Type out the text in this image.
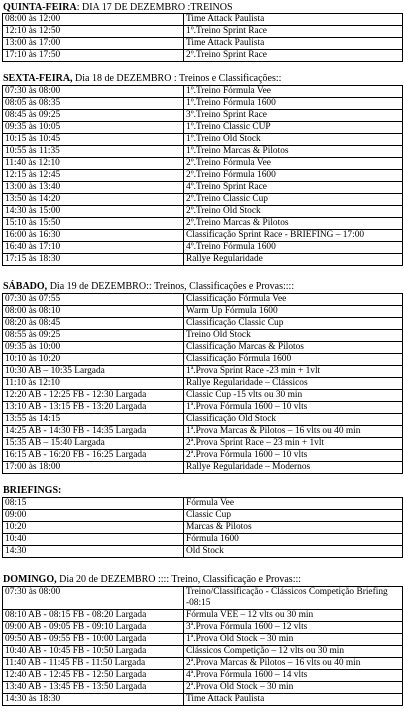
QUINTA-FEIRA: DIA 17 DE DEZEMBRO :TREINOS
08:00 às 12:00	Time Attack Paulista
12:10 às 12:50	1º.Treino Sprint Race
13:00 às 17:00	Time Attack Paulista
17:10 às 17:50	2º.Treino Sprint Race
SEXTA-FEIRA, Dia 18 de DEZEMBRO : Treinos e Classificações::
07:30 às 08:00	1º.Treino Fórmula Vee
08:05 às 08:35	1º.Treino Fórmula 1600
08:45 às 09:25	3º.Treino Sprint Race
09:35 às 10:05	1º.Treino Classic CUP
10:15 às 10:45	1º.Treino Old Stock
10:55 às 11:35	1º.Treino Marcas & Pilotos
11:40 às 12:10	2º.Treino Fórmula Vee
12:15 às 12:45	2º.Treino Fórmula 1600
13:00 às 13:40	4º.Treino Sprint Race
13:50 às 14:20	2º.Treino Classic Cup
14:30 às 15:00	2º.Treino Old Stock
15:10 às 15:50	2º.Treino Marcas & Pilotos
16:00 às 16:30	Classificação Sprint Race - BRIEFING – 17:00
16:40 às 17:10	4º.Treino Fórmula 1600
17:15 às 18:30	Rallye Regularidade
SÁBADO, Dia 19 de DEZEMBRO:: Treinos, Classificações e Provas::::
07:30 às 07:55	Classificação Fórmula Vee
08:00 às 08:10	Warm Up Fórmula 1600
08:20 às 08:45	Classificação Classic Cup
08:55 às 09:25	Treino Old Stock
09:35 às 10:00	Classificação Marcas & Pilotos
10:10 às 10:20	Classificação Fórmula 1600
10:30 AB – 10:35 Largada	1ª.Prova Sprint Race -23 min + 1vlt
11:10 às 12:10	Rallye Regularidade – Clássicos
12:20 AB - 12:25 FB - 12:30 Largada	Classic Cup -15 vlts ou 30 min
13:10 AB - 13:15 FB - 13:20 Largada	1ª.Prova Fórmula 1600 – 10 vlts
13:55 às 14:15	Classificação Old Stock
14:25 AB - 14:30 FB - 14:35 Largada	1ª.Prova Marcas & Pilotos – 16 vlts ou 40 min
15:35 AB – 15:40 Largada	2ª.Prova Sprint Race – 23 min + 1vlt
16:15 AB - 16:20 FB - 16:25 Largada	2ª.Prova Fórmula 1600 – 10 vlts
17:00 às 18:00	Rallye Regularidade – Modernos
BRIEFINGS:
08:15	Fórmula Vee
09:00	Classic Cup
10:20	Marcas & Pilotos
10:40	Fórmula 1600
14:30	Old Stock
DOMINGO, Dia 20 de DEZEMBRO :::: Treino, Classificação e Provas:::
07:30 às 08:00	Treino/Classificação - Clássicos Competição Briefing -08:15
08:10 AB - 08:15 FB - 08:20 Largada	Fórmula VEE – 12 vlts ou 30 min
09:00 AB - 09:05 FB - 09:10 Largada	3ª.Prova Fórmula 1600 – 12 vlts
09:50 AB - 09:55 FB - 10:00 Largada	1ª.Prova Old Stock – 30 min
10:40 AB - 10:45 FB - 10:50 Largada	Clássicos Competição – 12 vlts ou 30 min
11:40 AB - 11:45 FB - 11:50 Largada	2ª.Prova Marcas & Pilotos – 16 vlts ou 40 min
12:40 AB - 12:45 FB - 12:50 Largada	4ª.Prova Fórmula 1600 – 14 vlts
13:40 AB - 13:45 FB - 13:50 Largada	2ª.Prova Old Stock – 30 min
14:30 às 18:30	Time Attack Paulista
